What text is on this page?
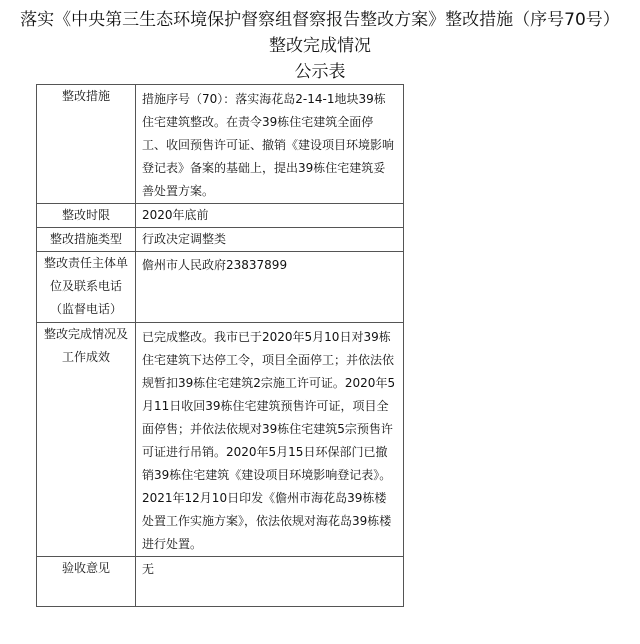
落实《中央第三生态环境保护督察组督察报告整改方案》整改措施（序号70号）
整改完成情况
公示表
整改措施	措施序号（70）：落实海花岛2-14-1地块39栋住宅建筑整改。在责令39栋住宅建筑全面停工、收回预售许可证、撤销《建设项目环境影响登记表》备案的基础上，提出39栋住宅建筑妥善处置方案。
整改时限	2020年底前
整改措施类型	行政决定调整类
整改责任主体单位及联系电话（监督电话）	儋州市人民政府23837899
整改完成情况及工作成效	已完成整改。我市已于2020年5月10日对39栋住宅建筑下达停工令，项目全面停工；并依法依规暂扣39栋住宅建筑2宗施工许可证。2020年5月11日收回39栋住宅建筑预售许可证，项目全面停售；并依法依规对39栋住宅建筑5宗预售许可证进行吊销。2020年5月15日环保部门已撤销39栋住宅建筑《建设项目环境影响登记表》。2021年12月10日印发《儋州市海花岛39栋楼处置工作实施方案》，依法依规对海花岛39栋楼进行处置。
验收意见	无
